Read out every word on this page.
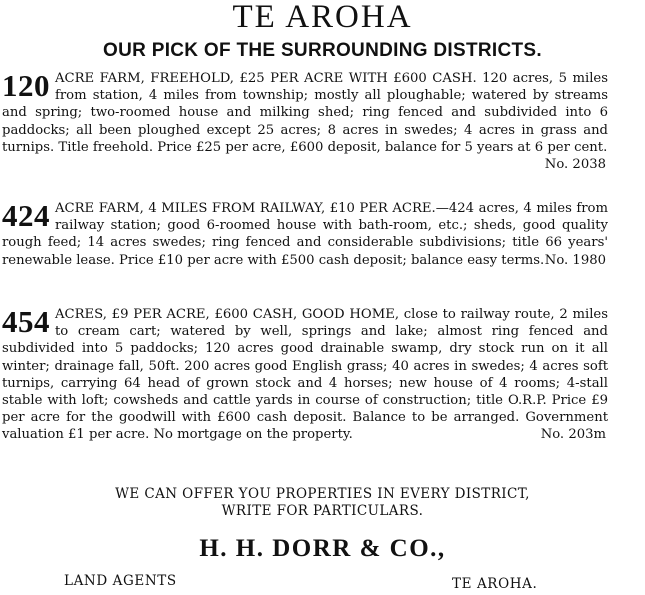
TE AROHA
OUR PICK OF THE SURROUNDING DISTRICTS.
120 ACRE FARM, FREEHOLD, £25 PER ACRE WITH £600 CASH. 120 acres, 5 miles from station, 4 miles from township; mostly all ploughable; watered by streams and spring; two-roomed house and milking shed; ring fenced and subdivided into 6 paddocks; all been ploughed except 25 acres; 8 acres in swedes; 4 acres in grass and turnips. Title freehold. Price £25 per acre, £600 deposit, balance for 5 years at 6 per cent.
No. 2038

424 ACRE FARM, 4 MILES FROM RAILWAY, £10 PER ACRE.—424 acres, 4 miles from railway station; good 6-roomed house with bath-room, etc.; sheds, good quality rough feed; 14 acres swedes; ring fenced and considerable subdivisions; title 66 years' renewable lease. Price £10 per acre with £500 cash deposit; balance easy terms. No. 1980

454 ACRES, £9 PER ACRE, £600 CASH, GOOD HOME, close to railway route, 2 miles to cream cart; watered by well, springs and lake; almost ring fenced and subdivided into 5 paddocks; 120 acres good drainable swamp, dry stock run on it all winter; drainage fall, 50ft. 200 acres good English grass; 40 acres in swedes; 4 acres soft turnips, carrying 64 head of grown stock and 4 horses; new house of 4 rooms; 4-stall stable with loft; cowsheds and cattle yards in course of construction; title O.R.P. Price £9 per acre for the goodwill with £600 cash deposit. Balance to be arranged. Government valuation £1 per acre. No mortgage on the property.	No. 203m

WE CAN OFFER YOU PROPERTIES IN EVERY DISTRICT,
WRITE FOR PARTICULARS.
H. H. DORR & CO.,
LAND AGENTS	TE AROHA.
